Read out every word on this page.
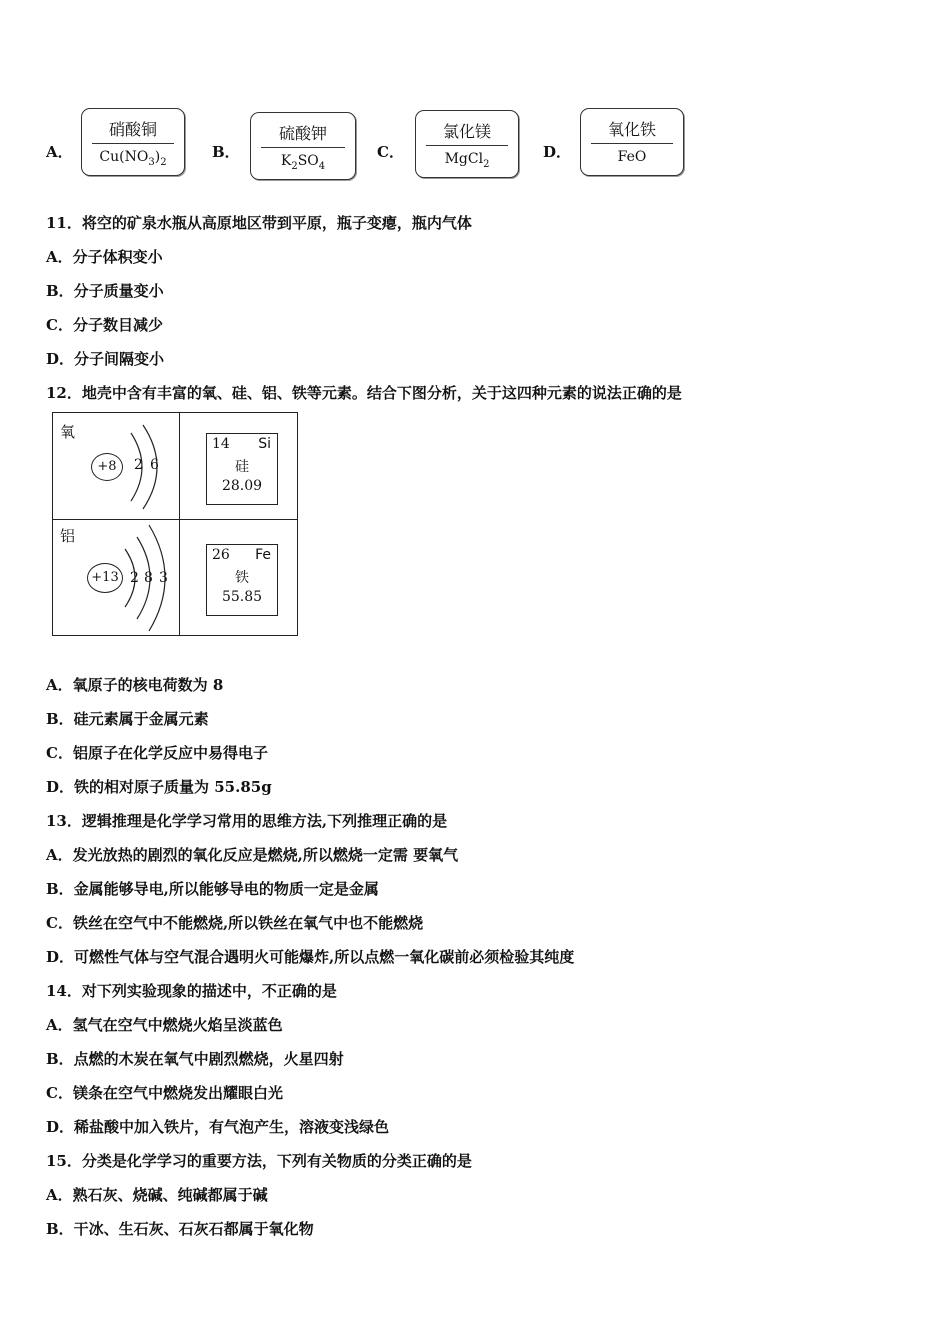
A．
硝酸铜
$Cu(NO_3)_2$
B．
硫酸钾
$K_2SO_4$
C．
氯化镁
MgCl$_2$
D．
氧化铁
FeO
11．将空的矿泉水瓶从高原地区带到平原，瓶子变瘪，瓶内气体
A．分子体积变小
B．分子质量变小
C．分子数目减少
D．分子间隔变小
12．地壳中含有丰富的氧、硅、铝、铁等元素。结合下图分析，关于这四种元素的说法正确的是
氧
+8	2 6
14 Si
硅
28.09
铝
+13 2 8 3
26 Fe
铁
55.85
A．氧原子的核电荷数为 8
B．硅元素属于金属元素
C．铝原子在化学反应中易得电子
D．铁的相对原子质量为 55.85g
13．逻辑推理是化学学习常用的思维方法,下列推理正确的是
A．发光放热的剧烈的氧化反应是燃烧,所以燃烧一定需 要氧气
B．金属能够导电,所以能够导电的物质一定是金属
C．铁丝在空气中不能燃烧,所以铁丝在氧气中也不能燃烧
D．可燃性气体与空气混合遇明火可能爆炸,所以点燃一氧化碳前必须检验其纯度
14．对下列实验现象的描述中，不正确的是
A．氢气在空气中燃烧火焰呈淡蓝色
B．点燃的木炭在氧气中剧烈燃烧，火星四射
C．镁条在空气中燃烧发出耀眼白光
D．稀盐酸中加入铁片，有气泡产生，溶液变浅绿色
15．分类是化学学习的重要方法，下列有关物质的分类正确的是
A．熟石灰、烧碱、纯碱都属于碱
B．干冰、生石灰、石灰石都属于氧化物
